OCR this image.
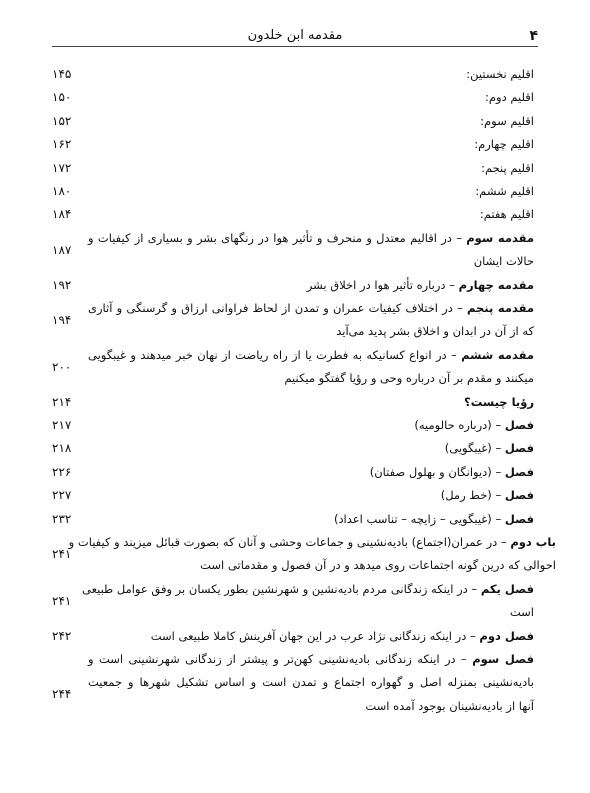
۴
مقدمه ابن خلدون
اقلیم نخستین:
۱۴۵
اقلیم دوم:
۱۵۰
اقلیم سوم:
۱۵۲
اقلیم چهارم:
۱۶۲
اقلیم پنجم:
۱۷۲
اقلیم ششم:
۱۸۰
اقلیم هفتم:
۱۸۴
مقدمه سوم – در اقالیم معتدل و منحرف و تأثیر هوا در رنگهای بشر و بسیاری از کیفیات و
حالات ایشان
۱۸۷
مقدمه چهارم – درباره تأثیر هوا در اخلاق بشر
۱۹۲
مقدمه پنجم – در اختلاف کیفیات عمران و تمدن از لحاظ فراوانی ارزاق و گرسنگی و آثاری
که از آن در ابدان و اخلاق بشر پدید می‌آید
۱۹۴
مقدمه ششم – در انواع کسانیکه به فطرت یا از راه ریاضت از نهان خبر میدهند و غیبگویی
میکنند و مقدم بر آن درباره وحی و رؤیا گفتگو میکنیم
۲۰۰
رؤیا چیست؟
۲۱۴
فصل – (درباره حالومیه)
۲۱۷
فصل – (غیبگویی)
۲۱۸
فصل – (دیوانگان و بهلول صفتان)
۲۲۶
فصل – (خط رمل)
۲۲۷
فصل – (غیبگویی – زایچه – تناسب اعداد)
۲۳۲
باب دوم – در عمران(اجتماع) بادیه‌نشینی و جماعات وحشی و آنان که بصورت قبائل میزیند و کیفیات و
احوالی که درین گونه اجتماعات روی میدهد و در آن فصول و مقدماتی است
۲۴۱
فصل یکم – در اینکه زندگانی مردم بادیه‌نشین و شهرنشین بطور یکسان بر وفق عوامل طبیعی
است
۲۴۱
فصل دوم – در اینکه زندگانی نژاد عرب در این جهان آفرینش کاملا طبیعی است
۲۴۲
فصل سوم – در اینکه زندگانی بادیه‌نشینی کهن‌تر و پیشتر از زندگانی شهرنشینی است و
بادیه‌نشینی بمنزله اصل و گهواره اجتماع و تمدن است و اساس تشکیل شهرها و جمعیت
آنها از بادیه‌نشینان بوجود آمده است
۲۴۴
